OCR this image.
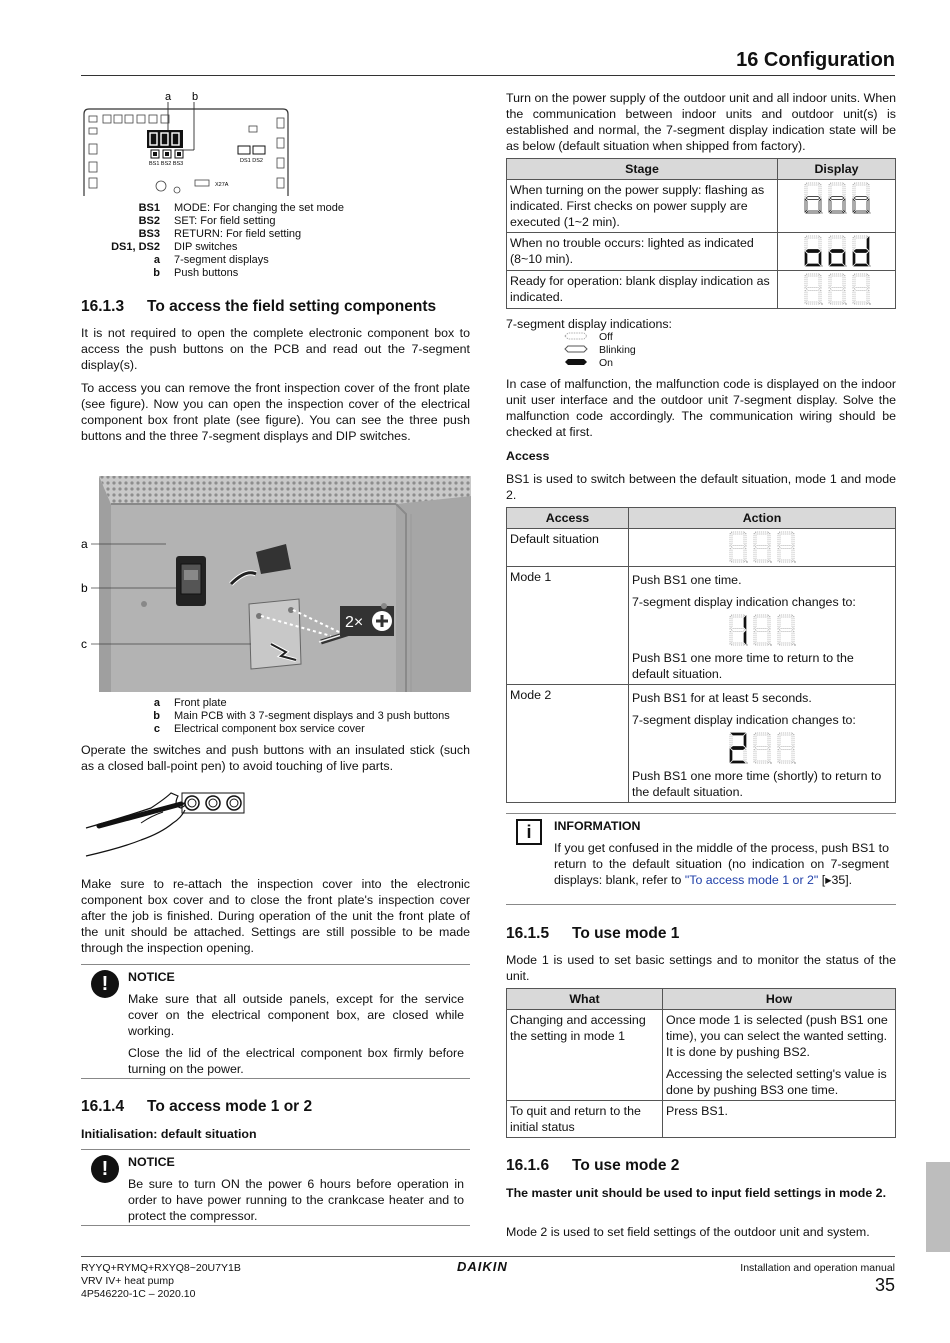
16 Configuration
a b
BS1 BS2 BS3	DS1 DS2
X27A
BS1	MODE: For changing the set mode
BS2	SET: For field setting
BS3	RETURN: For field setting
DS1, DS2	DIP switches
a	7-segment displays
b	Push buttons
16.1.3 To access the field setting components

It is not required to open the complete electronic component box to access the push buttons on the PCB and read out the 7-segment display(s).

To access you can remove the front inspection cover of the front plate (see figure). Now you can open the inspection cover of the electrical component box front plate (see figure). You can see the three push buttons and the three 7-segment displays and DIP switches.

2×
a
b
c
a	Front plate
b	Main PCB with 3 7-segment displays and 3 push buttons
c	Electrical component box service cover

Operate the switches and push buttons with an insulated stick (such as a closed ball-point pen) to avoid touching of live parts.

Make sure to re-attach the inspection cover into the electronic component box cover and to close the front plate's inspection cover after the job is finished. During operation of the unit the front plate of the unit should be attached. Settings are still possible to be made through the inspection opening.

!	NOTICE

Make sure that all outside panels, except for the service cover on the electrical component box, are closed while working.

Close the lid of the electrical component box firmly before turning on the power.

16.1.4 To access mode 1 or 2
Initialisation: default situation
!	NOTICE

Be sure to turn ON the power 6 hours before operation in order to have power running to the crankcase heater and to protect the compressor.

Turn on the power supply of the outdoor unit and all indoor units. When the communication between indoor units and outdoor unit(s) is established and normal, the 7-segment display indication state will be as below (default situation when shipped from factory).

Stage	Display
When turning on the power supply: flashing as indicated. First checks on power supply are executed (1~2 min).	
When no trouble occurs: lighted as indicated (8~10 min).	
Ready for operation: blank display indication as indicated.	
7-segment display indications:
Off
Blinking
On

In case of malfunction, the malfunction code is displayed on the indoor unit user interface and the outdoor unit 7-segment display. Solve the malfunction code accordingly. The communication wiring should be checked at first.

Access

BS1 is used to switch between the default situation, mode 1 and mode 2.

Access	Action
Default situation	
Mode 1	Push BS1 one time.
7-segment display indication changes to:
Push BS1 one more time to return to the default situation.

Mode 2	Push BS1 for at least 5 seconds.
7-segment display indication changes to:
Push BS1 one more time (shortly) to return to the default situation.
i	INFORMATION

If you get confused in the middle of the process, push BS1 to return to the default situation (no indication on 7-segment displays: blank, refer to "To access mode 1 or 2" [▸35].

16.1.5 To use mode 1

Mode 1 is used to set basic settings and to monitor the status of the unit.

What	How
Changing and accessing the setting in mode 1	Once mode 1 is selected (push BS1 one time), you can select the wanted setting. It is done by pushing BS2.
Accessing the selected setting's value is done by pushing BS3 one time.

To quit and return to the initial status	Press BS1.
16.1.6 To use mode 2

The master unit should be used to input field settings in mode 2.

Mode 2 is used to set field settings of the outdoor unit and system.

RYYQ+RYMQ+RXYQ8~20U7Y1B
VRV IV+ heat pump
4P546220-1C – 2020.10
DAIKIN	Installation and operation manual
35
